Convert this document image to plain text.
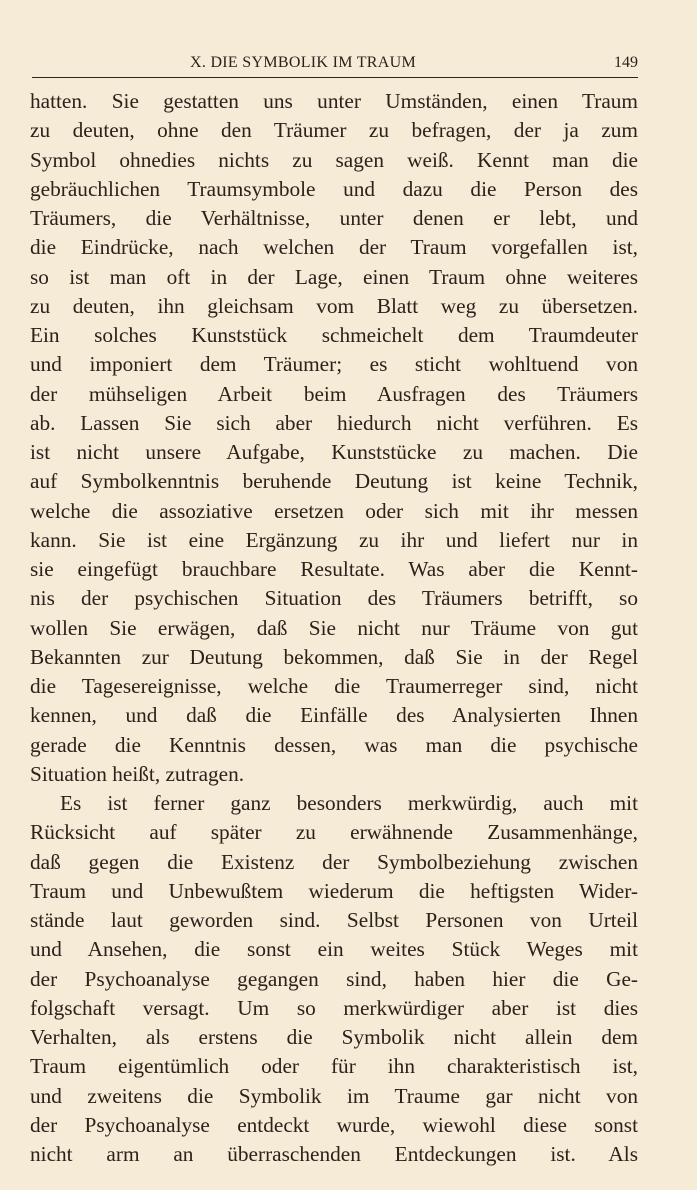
X. DIE SYMBOLIK IM TRAUM	149
hatten. Sie gestatten uns unter Umständen, einen Traum
zu deuten, ohne den Träumer zu befragen, der ja zum
Symbol ohnedies nichts zu sagen weiß. Kennt man die
gebräuchlichen Traumsymbole und dazu die Person des
Träumers, die Verhältnisse, unter denen er lebt, und
die Eindrücke, nach welchen der Traum vorgefallen ist,
so ist man oft in der Lage, einen Traum ohne weiteres
zu deuten, ihn gleichsam vom Blatt weg zu übersetzen.
Ein solches Kunststück schmeichelt dem Traumdeuter
und imponiert dem Träumer; es sticht wohltuend von
der mühseligen Arbeit beim Ausfragen des Träumers
ab. Lassen Sie sich aber hiedurch nicht verführen. Es
ist nicht unsere Aufgabe, Kunststücke zu machen. Die
auf Symbolkenntnis beruhende Deutung ist keine Technik,
welche die assoziative ersetzen oder sich mit ihr messen
kann. Sie ist eine Ergänzung zu ihr und liefert nur in
sie eingefügt brauchbare Resultate. Was aber die Kennt-
nis der psychischen Situation des Träumers betrifft, so
wollen Sie erwägen, daß Sie nicht nur Träume von gut
Bekannten zur Deutung bekommen, daß Sie in der Regel
die Tagesereignisse, welche die Traumerreger sind, nicht
kennen, und daß die Einfälle des Analysierten Ihnen
gerade die Kenntnis dessen, was man die psychische
Situation heißt, zutragen.
Es ist ferner ganz besonders merkwürdig, auch mit
Rücksicht auf später zu erwähnende Zusammenhänge,
daß gegen die Existenz der Symbolbeziehung zwischen
Traum und Unbewußtem wiederum die heftigsten Wider-
stände laut geworden sind. Selbst Personen von Urteil
und Ansehen, die sonst ein weites Stück Weges mit
der Psychoanalyse gegangen sind, haben hier die Ge-
folgschaft versagt. Um so merkwürdiger aber ist dies
Verhalten, als erstens die Symbolik nicht allein dem
Traum eigentümlich oder für ihn charakteristisch ist,
und zweitens die Symbolik im Traume gar nicht von
der Psychoanalyse entdeckt wurde, wiewohl diese sonst
nicht arm an überraschenden Entdeckungen ist. Als
